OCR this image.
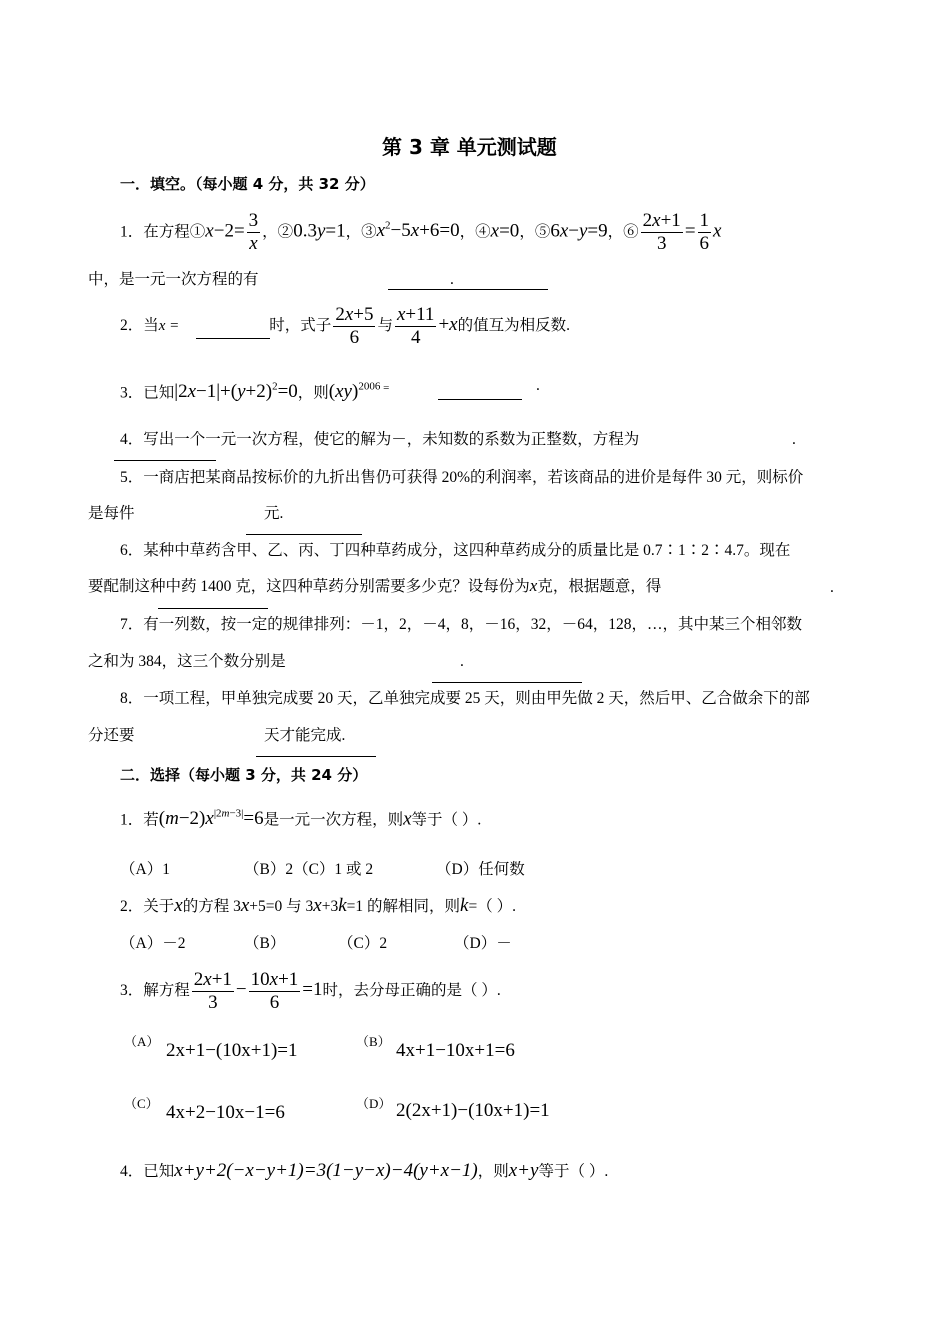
第 3 章 单元测试题
一．填空。（每小题 4 分，共 32 分）
1．在方程①x−2= $\frac{3}{x}$ ，②0.3y=1，$③x^2-5x+6=0$，④x=0，⑤6x−y=9，⑥ $\frac{2x+1}{3} = \frac{1}{6}$ x
中，是一元一次方程的有	.
2．当x =	时，式子 $\frac{2x+5}{6}$ 与 $\frac{x+11}{4} +x$的值互为相反数.
3．已知$|2x-1|+(y+2)^2=0$，则(xy)$^{2006}$ =	.
4．写出一个一元一次方程，使它的解为－，未知数的系数为正整数，方程为	.
5．一商店把某商品按标价的九折出售仍可获得 20%的利润率，若该商品的进价是每件 30 元，则标价
是每件	元.
6．某种中草药含甲、乙、丙、丁四种草药成分，这四种草药成分的质量比是 0.7∶1∶2∶4.7。现在
要配制这种中药 1400 克，这四种草药分别需要多少克？设每份为x克，根据题意，得	.
7．有一列数，按一定的规律排列：－1，2，－4，8，－16，32，－64，128，…，其中某三个相邻数
之和为 384，这三个数分别是	.
8．一项工程，甲单独完成要 20 天，乙单独完成要 25 天，则由甲先做 2 天，然后甲、乙合做余下的部
分还要	天才能完成.
二．选择（每小题 3 分，共 24 分）
1．若$(m-2)x^{|2m-3|}=6$是一元一次方程，则x等于（ ）.
（A）1	（B）2（C）1 或 2	（D）任何数
2．关于x的方程 3x+5=0 与 3x+3k=1 的解相同，则k=（ ）.
（A）－2	（B）	（C）2	（D）－
3．解方程 $\frac{2x+1}{3} - \frac{10x+1}{6} =1$时，去分母正确的是（ ）.
（A） 2x+1−(10x+1)=1	（B） 4x+1−10x+1=6
（C） 4x+2−10x−1=6	（D） 2(2x+1)−(10x+1)=1
4．已知x+y+2(−x−y+1)=3(1−y−x)−4(y+x−1)，则x+y等于（ ）.
